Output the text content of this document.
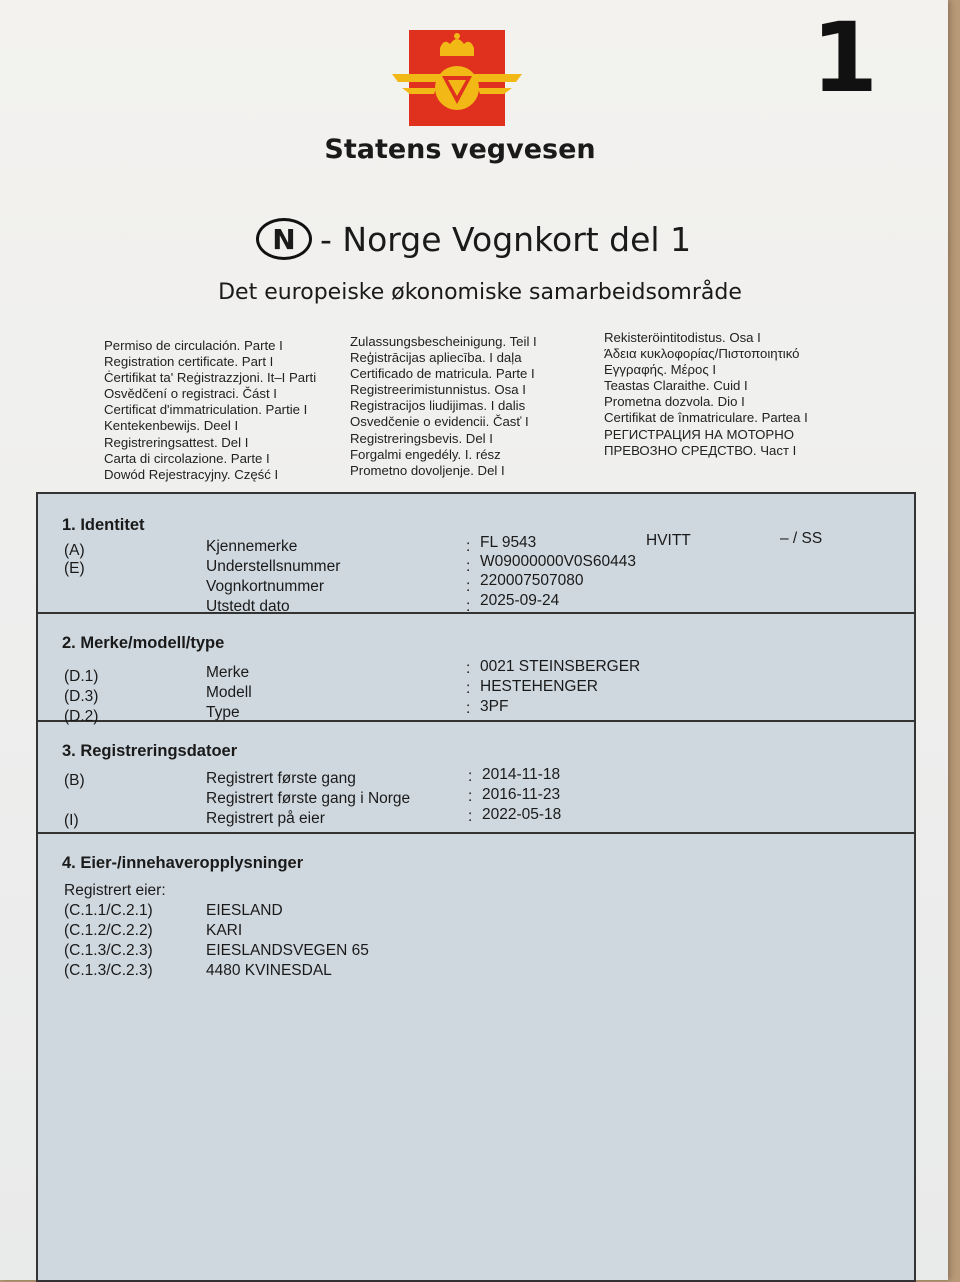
1
Statens vegvesen
N - Norge Vognkort del 1
Det europeiske økonomiske samarbeidsområde
Permiso de circulación. Parte I
Registration certificate. Part I
Ċertifikat ta' Reġistrazzjoni. It–I Parti
Osvědčení o registraci. Část I
Certificat d'immatriculation. Partie I
Kentekenbewijs. Deel I
Registreringsattest. Del I
Carta di circolazione. Parte I
Dowód Rejestracyjny. Część I
Zulassungsbescheinigung. Teil I
Reģistrācijas apliecība. I daļa
Certificado de matricula. Parte I
Registreerimistunnistus. Osa I
Registracijos liudijimas. I dalis
Osvedčenie o evidencii. Časť I
Registreringsbevis. Del I
Forgalmi engedély. I. rész
Prometno dovoljenje. Del I
Rekisteröintitodistus. Osa I
Άδεια κυκλοφορίας/Πιστοποιητικό
Εγγραφής. Μέρος I
Teastas Claraithe. Cuid I
Prometna dozvola. Dio I
Certifikat de înmatriculare. Partea I
РЕГИСТРАЦИЯ НА МОТОРНО
ПРЕВОЗНО СРЕДСТВО. Част I
1. Identitet
(A)	Kjennemerke	: FL 9543	HVITT	– / SS
(E)	Understellsnummer	: W09000000V0S60443
Vognkortnummer	: 220007507080
Utstedt dato	: 2025-09-24
2. Merke/modell/type
(D.1)	Merke	: 0021 STEINSBERGER
(D.3)	Modell	: HESTEHENGER
(D.2)	Type	: 3PF
3. Registreringsdatoer
(B)	Registrert første gang	: 2014-11-18
Registrert første gang i Norge	: 2016-11-23
(I)	Registrert på eier	: 2022-05-18
4. Eier-/innehaveropplysninger
Registrert eier:
(C.1.1/C.2.1)	EIESLAND
(C.1.2/C.2.2)	KARI
(C.1.3/C.2.3)	EIESLANDSVEGEN 65
(C.1.3/C.2.3)	4480 KVINESDAL
